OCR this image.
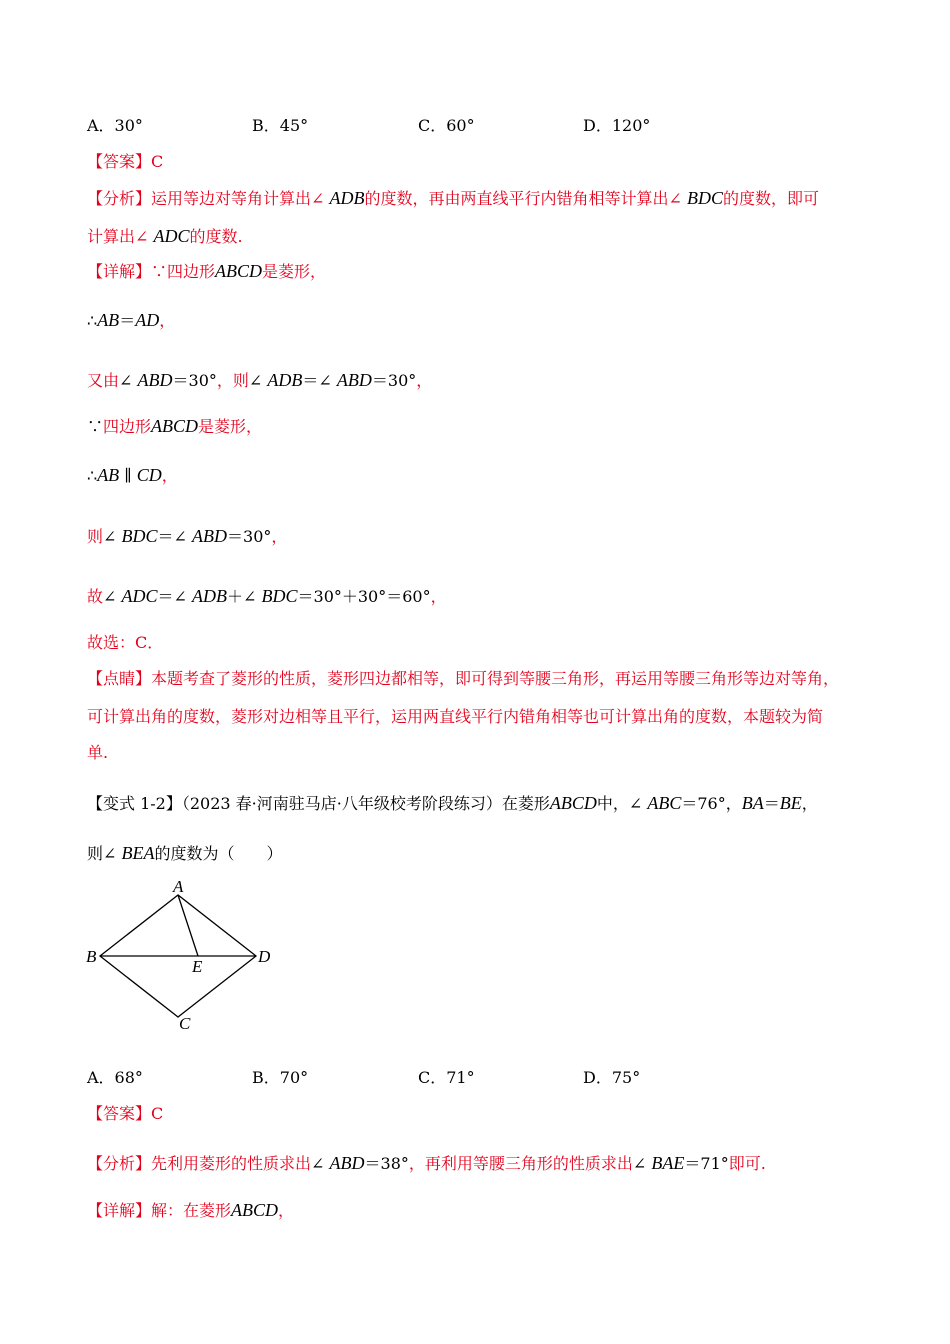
A．30°	B．45°	C．60°	D．120°
【答案】C
【分析】运用等边对等角计算出∠ ADB的度数，再由两直线平行内错角相等计算出∠ BDC的度数，即可
计算出∠ ADC的度数.
【详解】∵四边形ABCD是菱形，
∴AB＝AD，
又由∠ ABD＝30°，则∠ ADB＝∠ ABD＝30°，
∵四边形ABCD是菱形，
∴AB ∥ CD，
则∠ BDC＝∠ ABD＝30°，
故∠ ADC＝∠ ADB＋∠ BDC＝30°＋30°＝60°，
故选：C．
【点睛】本题考查了菱形的性质，菱形四边都相等，即可得到等腰三角形，再运用等腰三角形等边对等角，
可计算出角的度数，菱形对边相等且平行，运用两直线平行内错角相等也可计算出角的度数，本题较为简
单.
【变式 1-2】（2023 春·河南驻马店·八年级校考阶段练习）在菱形ABCD中，∠ ABC＝76°，BA＝BE，
则∠ BEA的度数为（　　）
【答案】C
【分析】先利用菱形的性质求出∠ ABD＝38°，再利用等腰三角形的性质求出∠ BAE＝71°即可.
【详解】解：在菱形ABCD，
A
B
C
D
E
A．68°	B．70°	C．71°	D．75°
